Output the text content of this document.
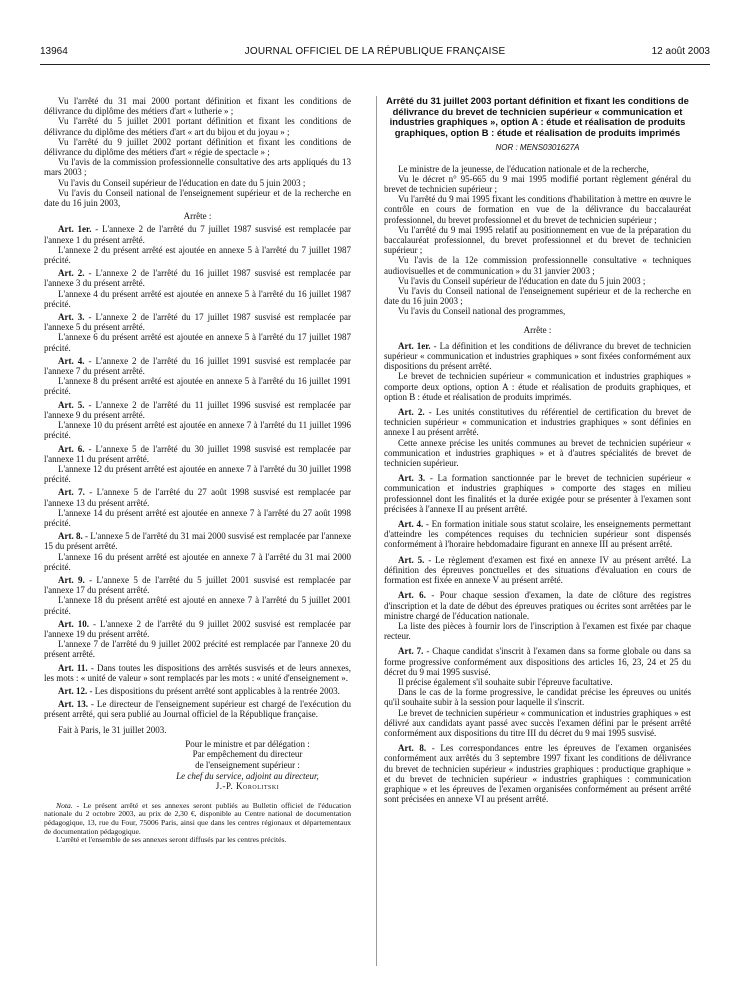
13964	JOURNAL OFFICIEL DE LA RÉPUBLIQUE FRANÇAISE	12 août 2003

Vu l'arrêté du 31 mai 2000 portant définition et fixant les conditions de délivrance du diplôme des métiers d'art « lutherie » ;

Vu l'arrêté du 5 juillet 2001 portant définition et fixant les conditions de délivrance du diplôme des métiers d'art « art du bijou et du joyau » ;

Vu l'arrêté du 9 juillet 2002 portant définition et fixant les conditions de délivrance du diplôme des métiers d'art « régie de spectacle » ;

Vu l'avis de la commission professionnelle consultative des arts appliqués du 13 mars 2003 ;

Vu l'avis du Conseil supérieur de l'éducation en date du 5 juin 2003 ;

Vu l'avis du Conseil national de l'enseignement supérieur et de la recherche en date du 16 juin 2003,

Arrête :

Art. 1er. - L'annexe 2 de l'arrêté du 7 juillet 1987 susvisé est remplacée par l'annexe 1 du présent arrêté.

L'annexe 2 du présent arrêté est ajoutée en annexe 5 à l'arrêté du 7 juillet 1987 précité.

Art. 2. - L'annexe 2 de l'arrêté du 16 juillet 1987 susvisé est remplacée par l'annexe 3 du présent arrêté.

L'annexe 4 du présent arrêté est ajoutée en annexe 5 à l'arrêté du 16 juillet 1987 précité.

Art. 3. - L'annexe 2 de l'arrêté du 17 juillet 1987 susvisé est remplacée par l'annexe 5 du présent arrêté.

L'annexe 6 du présent arrêté est ajoutée en annexe 5 à l'arrêté du 17 juillet 1987 précité.

Art. 4. - L'annexe 2 de l'arrêté du 16 juillet 1991 susvisé est remplacée par l'annexe 7 du présent arrêté.

L'annexe 8 du présent arrêté est ajoutée en annexe 5 à l'arrêté du 16 juillet 1991 précité.

Art. 5. - L'annexe 2 de l'arrêté du 11 juillet 1996 susvisé est remplacée par l'annexe 9 du présent arrêté.

L'annexe 10 du présent arrêté est ajoutée en annexe 7 à l'arrêté du 11 juillet 1996 précité.

Art. 6. - L'annexe 5 de l'arrêté du 30 juillet 1998 susvisé est remplacée par l'annexe 11 du présent arrêté.

L'annexe 12 du présent arrêté est ajoutée en annexe 7 à l'arrêté du 30 juillet 1998 précité.

Art. 7. - L'annexe 5 de l'arrêté du 27 août 1998 susvisé est remplacée par l'annexe 13 du présent arrêté.

L'annexe 14 du présent arrêté est ajoutée en annexe 7 à l'arrêté du 27 août 1998 précité.

Art. 8. - L'annexe 5 de l'arrêté du 31 mai 2000 susvisé est remplacée par l'annexe 15 du présent arrêté.

L'annexe 16 du présent arrêté est ajoutée en annexe 7 à l'arrêté du 31 mai 2000 précité.

Art. 9. - L'annexe 5 de l'arrêté du 5 juillet 2001 susvisé est remplacée par l'annexe 17 du présent arrêté.

L'annexe 18 du présent arrêté est ajouté en annexe 7 à l'arrêté du 5 juillet 2001 précité.

Art. 10. - L'annexe 2 de l'arrêté du 9 juillet 2002 susvisé est remplacée par l'annexe 19 du présent arrêté.

L'annexe 7 de l'arrêté du 9 juillet 2002 précité est remplacée par l'annexe 20 du présent arrêté.

Art. 11. - Dans toutes les dispositions des arrêtés susvisés et de leurs annexes, les mots : « unité de valeur » sont remplacés par les mots : « unité d'enseignement ».

Art. 12. - Les dispositions du présent arrêté sont applicables à la rentrée 2003.

Art. 13. - Le directeur de l'enseignement supérieur est chargé de l'exécution du présent arrêté, qui sera publié au Journal officiel de la République française.

Fait à Paris, le 31 juillet 2003.

Pour le ministre et par délégation :

Par empêchement du directeur

de l'enseignement supérieur :

Le chef du service, adjoint au directeur,

J.-P. Korolitski

Nota. - Le présent arrêté et ses annexes seront publiés au Bulletin officiel de l'éducation nationale du 2 octobre 2003, au prix de 2,30 €, disponible au Centre national de documentation pédagogique, 13, rue du Four, 75006 Paris, ainsi que dans les centres régionaux et départementaux de documentation pédagogique.

L'arrêté et l'ensemble de ses annexes seront diffusés par les centres précités.

Arrêté du 31 juillet 2003 portant définition et fixant les conditions de délivrance du brevet de technicien supérieur « communication et industries graphiques », option A : étude et réalisation de produits graphiques, option B : étude et réalisation de produits imprimés

NOR : MENS0301627A

Le ministre de la jeunesse, de l'éducation nationale et de la recherche,

Vu le décret n° 95-665 du 9 mai 1995 modifié portant règlement général du brevet de technicien supérieur ;

Vu l'arrêté du 9 mai 1995 fixant les conditions d'habilitation à mettre en œuvre le contrôle en cours de formation en vue de la délivrance du baccalauréat professionnel, du brevet professionnel et du brevet de technicien supérieur ;

Vu l'arrêté du 9 mai 1995 relatif au positionnement en vue de la préparation du baccalauréat professionnel, du brevet professionnel et du brevet de technicien supérieur ;

Vu l'avis de la 12e commission professionnelle consultative « techniques audiovisuelles et de communication » du 31 janvier 2003 ;

Vu l'avis du Conseil supérieur de l'éducation en date du 5 juin 2003 ;

Vu l'avis du Conseil national de l'enseignement supérieur et de la recherche en date du 16 juin 2003 ;

Vu l'avis du Conseil national des programmes,

Arrête :

Art. 1er. - La définition et les conditions de délivrance du brevet de technicien supérieur « communication et industries graphiques » sont fixées conformément aux dispositions du présent arrêté.

Le brevet de technicien supérieur « communication et industries graphiques » comporte deux options, option A : étude et réalisation de produits graphiques, et option B : étude et réalisation de produits imprimés.

Art. 2. - Les unités constitutives du référentiel de certification du brevet de technicien supérieur « communication et industries graphiques » sont définies en annexe I au présent arrêté.

Cette annexe précise les unités communes au brevet de technicien supérieur « communication et industries graphiques » et à d'autres spécialités de brevet de technicien supérieur.

Art. 3. - La formation sanctionnée par le brevet de technicien supérieur « communication et industries graphiques » comporte des stages en milieu professionnel dont les finalités et la durée exigée pour se présenter à l'examen sont précisées à l'annexe II au présent arrêté.

Art. 4. - En formation initiale sous statut scolaire, les enseignements permettant d'atteindre les compétences requises du technicien supérieur sont dispensés conformément à l'horaire hebdomadaire figurant en annexe III au présent arrêté.

Art. 5. - Le règlement d'examen est fixé en annexe IV au présent arrêté. La définition des épreuves ponctuelles et des situations d'évaluation en cours de formation est fixée en annexe V au présent arrêté.

Art. 6. - Pour chaque session d'examen, la date de clôture des registres d'inscription et la date de début des épreuves pratiques ou écrites sont arrêtées par le ministre chargé de l'éducation nationale.

La liste des pièces à fournir lors de l'inscription à l'examen est fixée par chaque recteur.

Art. 7. - Chaque candidat s'inscrit à l'examen dans sa forme globale ou dans sa forme progressive conformément aux dispositions des articles 16, 23, 24 et 25 du décret du 9 mai 1995 susvisé.

Il précise également s'il souhaite subir l'épreuve facultative.

Dans le cas de la forme progressive, le candidat précise les épreuves ou unités qu'il souhaite subir à la session pour laquelle il s'inscrit.

Le brevet de technicien supérieur « communication et industries graphiques » est délivré aux candidats ayant passé avec succès l'examen défini par le présent arrêté conformément aux dispositions du titre III du décret du 9 mai 1995 susvisé.

Art. 8. - Les correspondances entre les épreuves de l'examen organisées conformément aux arrêtés du 3 septembre 1997 fixant les conditions de délivrance du brevet de technicien supérieur « industries graphiques : productique graphique » et du brevet de technicien supérieur « industries graphiques : communication graphique » et les épreuves de l'examen organisées conformément au présent arrêté sont précisées en annexe VI au présent arrêté.
